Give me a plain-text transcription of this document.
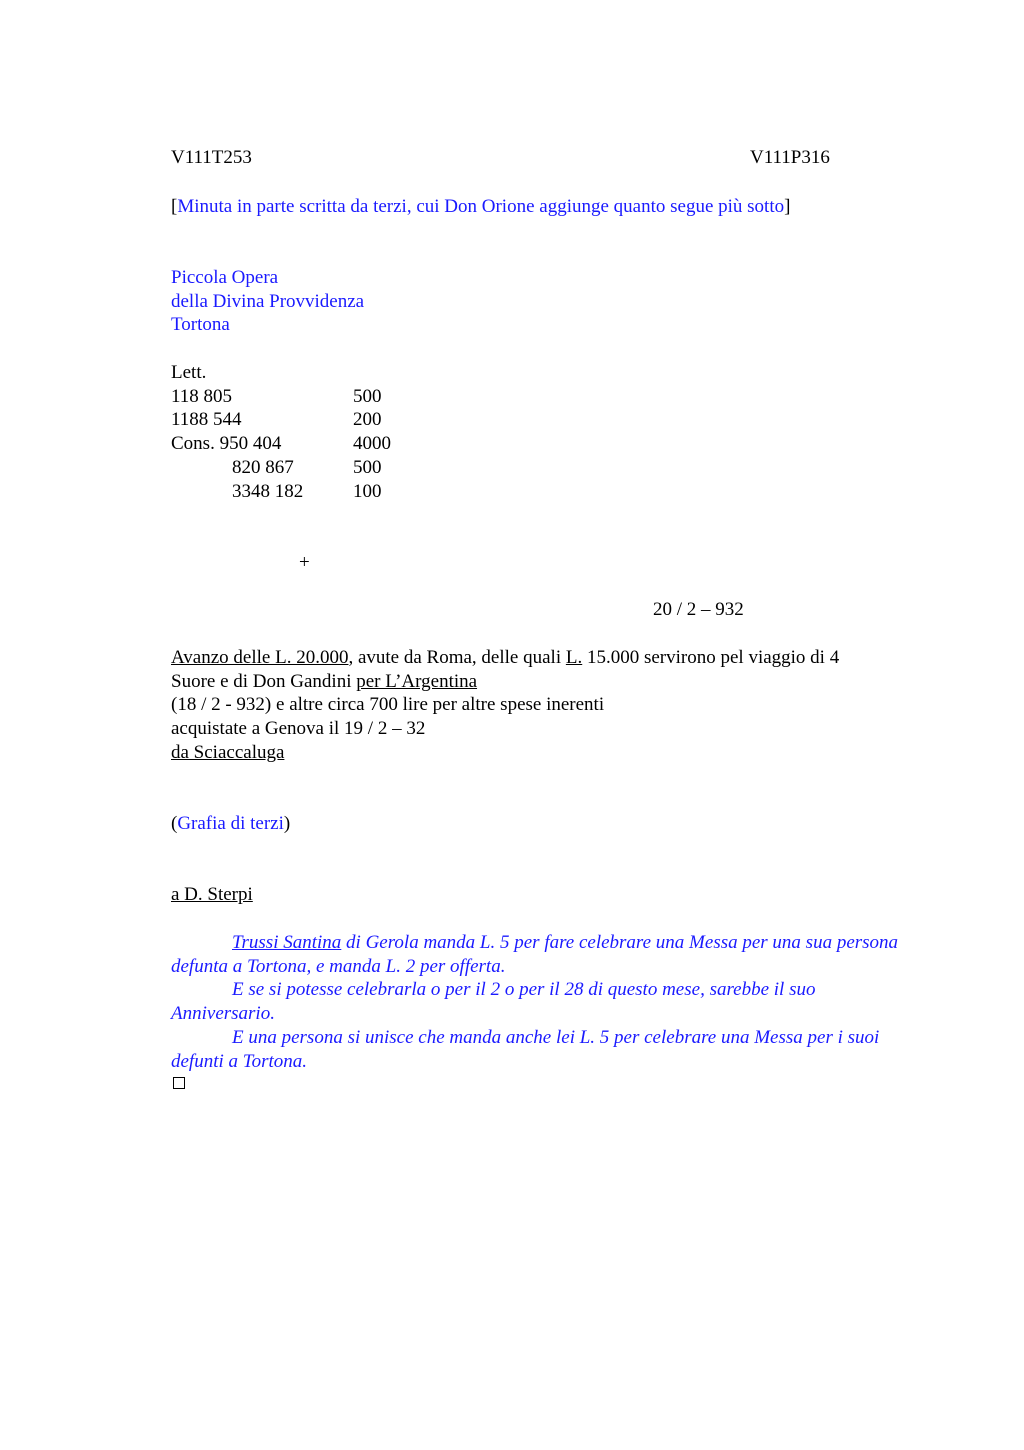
V111T253	V111P316
[Minuta in parte scritta da terzi, cui Don Orione aggiunge quanto segue più sotto]
Piccola Opera
della Divina Provvidenza
Tortona
Lett.
118 805	500
1188 544	200
Cons. 950 404	4000
820 867	500
3348 182	100
+
20 / 2 – 932
Avanzo delle L. 20.000, avute da Roma, delle quali L. 15.000 servirono pel viaggio di 4
Suore e di Don Gandini per L’Argentina
(18 / 2 - 932) e altre circa 700 lire per altre spese inerenti
acquistate a Genova il 19 / 2 – 32
da Sciaccaluga
(Grafia di terzi)
a D. Sterpi
Trussi Santina di Gerola manda L. 5 per fare celebrare una Messa per una sua persona defunta a Tortona, e manda L. 2 per offerta.
E se si potesse celebrarla o per il 2 o per il 28 di questo mese, sarebbe il suo Anniversario.
E una persona si unisce che manda anche lei L. 5 per celebrare una Messa per i suoi defunti a Tortona.
